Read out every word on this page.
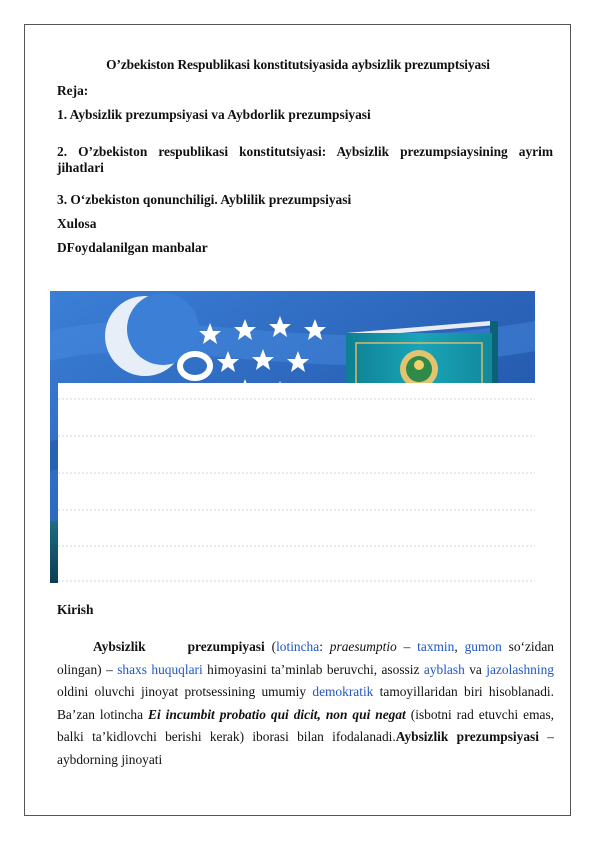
O’zbekiston Respublikasi konstitutsiyasida aybsizlik prezumptsiyasi
Reja:
1. Aybsizlik prezumpsiyasi va Aybdorlik prezumpsiyasi
2. O’zbekiston respublikasi konstitutsiyasi: Aybsizlik prezumpsiaysining ayrim jihatlari
3. O‘zbekiston qonunchiligi. Ayblilik prezumpsiyasi
Xulosa
DFoydalanilgan manbalar
Kirish
Aybsizlik	prezumpiyasi (lotincha: praesumptio – taxmin, gumon so‘zidan olingan) – shaxs huquqlari himoyasini ta’minlab beruvchi, asossiz ayblash va jazolashning oldini oluvchi jinoyat protsessining umumiy demokratik tamoyillaridan biri hisoblanadi. Ba’zan lotincha Ei incumbit probatio qui dicit, non qui negat (isbotni rad etuvchi emas, balki ta’kidlovchi berishi kerak) iborasi bilan ifodalanadi.Aybsizlik prezumpsiyasi – aybdorning jinoyati
